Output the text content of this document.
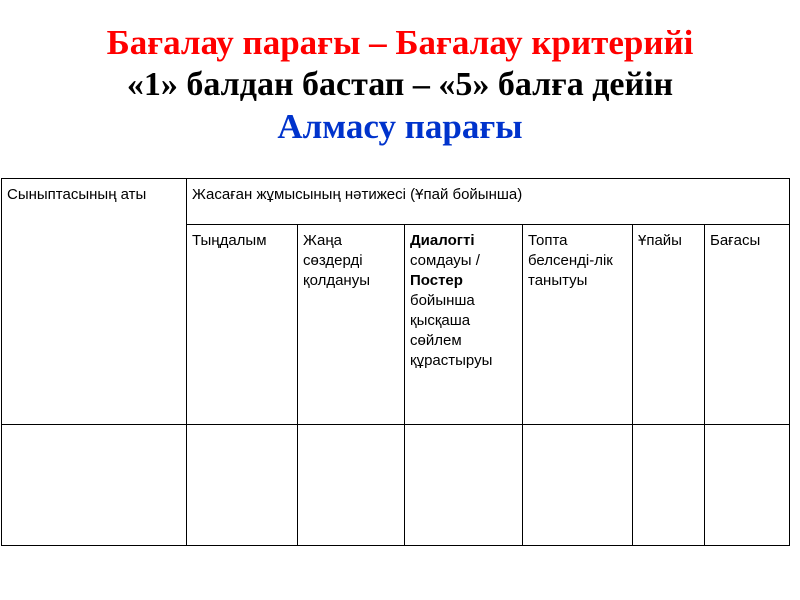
Бағалау парағы – Бағалау критерийі
«1» балдан бастап – «5» балға дейін
Алмасу парағы
Сыныптасының аты	Жасаған жұмысының нәтижесі (Ұпай бойынша)					
	Тыңдалым	Жаңа сөздерді қолдануы	Диалогті сомдауы / Постер бойынша қысқаша сөйлем құрастыруы	Топта белсенді-лік танытуы	Ұпайы	Бағасы
